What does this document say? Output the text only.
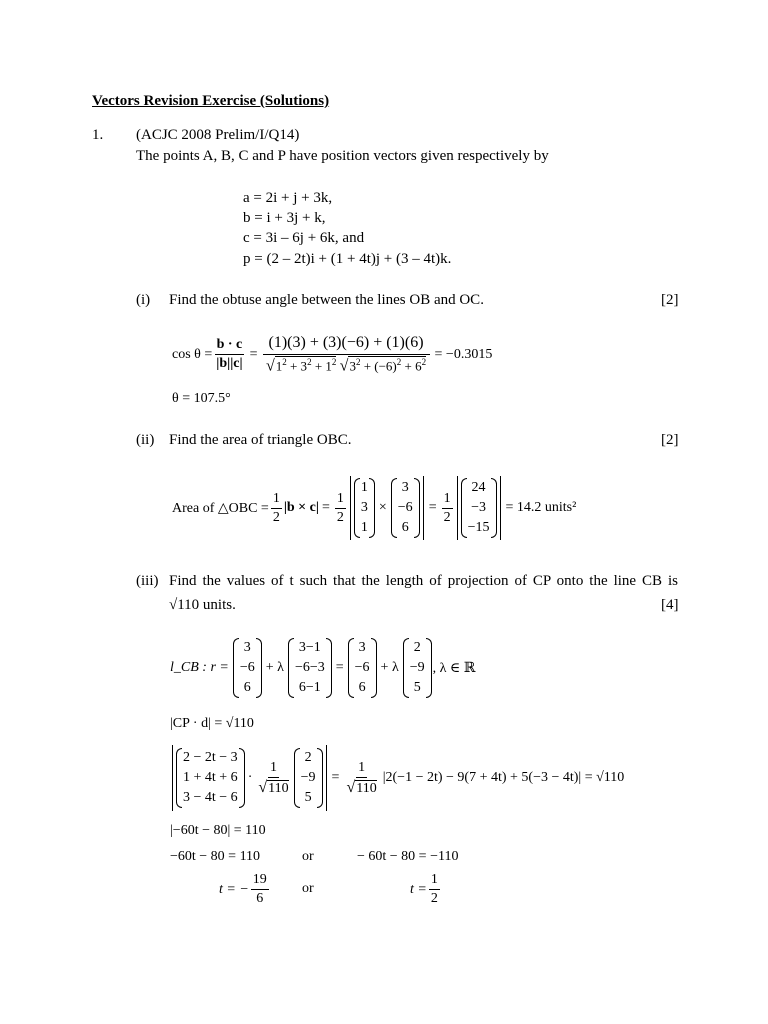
Vectors Revision Exercise (Solutions)
1. (ACJC 2008 Prelim/I/Q14)
The points A, B, C and P have position vectors given respectively by
a = 2i + j + 3k,
b = i + 3j + k,
c = 3i – 6j + 6k, and
p = (2 – 2t)i + (1 + 4t)j + (3 – 4t)k.
(i) Find the obtuse angle between the lines OB and OC.	[2]
$\cos \theta = \frac{b \cdot c}{|b||c|} = \frac{(1)(3) + (3)(-6) + (1)(6)}{√1^2 + 3^2 + 1^2 √3^2 + (-6)^2 + 6^2} = -0.3015$
θ = 107.5°
(ii) Find the area of triangle OBC.	[2]
Area of △OBC = $\frac{1}{2} |b \times c| = \frac{1}{2}$
1
3
1
×
3
−6
6
= $\frac{1}{2}$
24
−3
−15
= 14.2 units²
(iii) Find the values of t such that the length of projection of CP onto the line CB is
√110 units.	[4]
l_CB : r =
3
−6
6
+ λ
3−1
−6−3
6−1
=
3
−6
6
+ λ
2
−9
5
, λ ∈ ℝ
|CP · d| = √110
2 − 2t − 3
1 + 4t + 6
3 − 4t − 6
· $\frac{1}{√110}$
2
−9
5
= $\frac{1}{√110} |2(-1 - 2t) - 9(7 + 4t) + 5(-3 - 4t)| = √110$
|−60t − 80| = 110
−60t − 80 = 110	or	− 60t − 80 = −110
t = − $\frac{19}{6}$ or	$t = \frac{1}{2}$
